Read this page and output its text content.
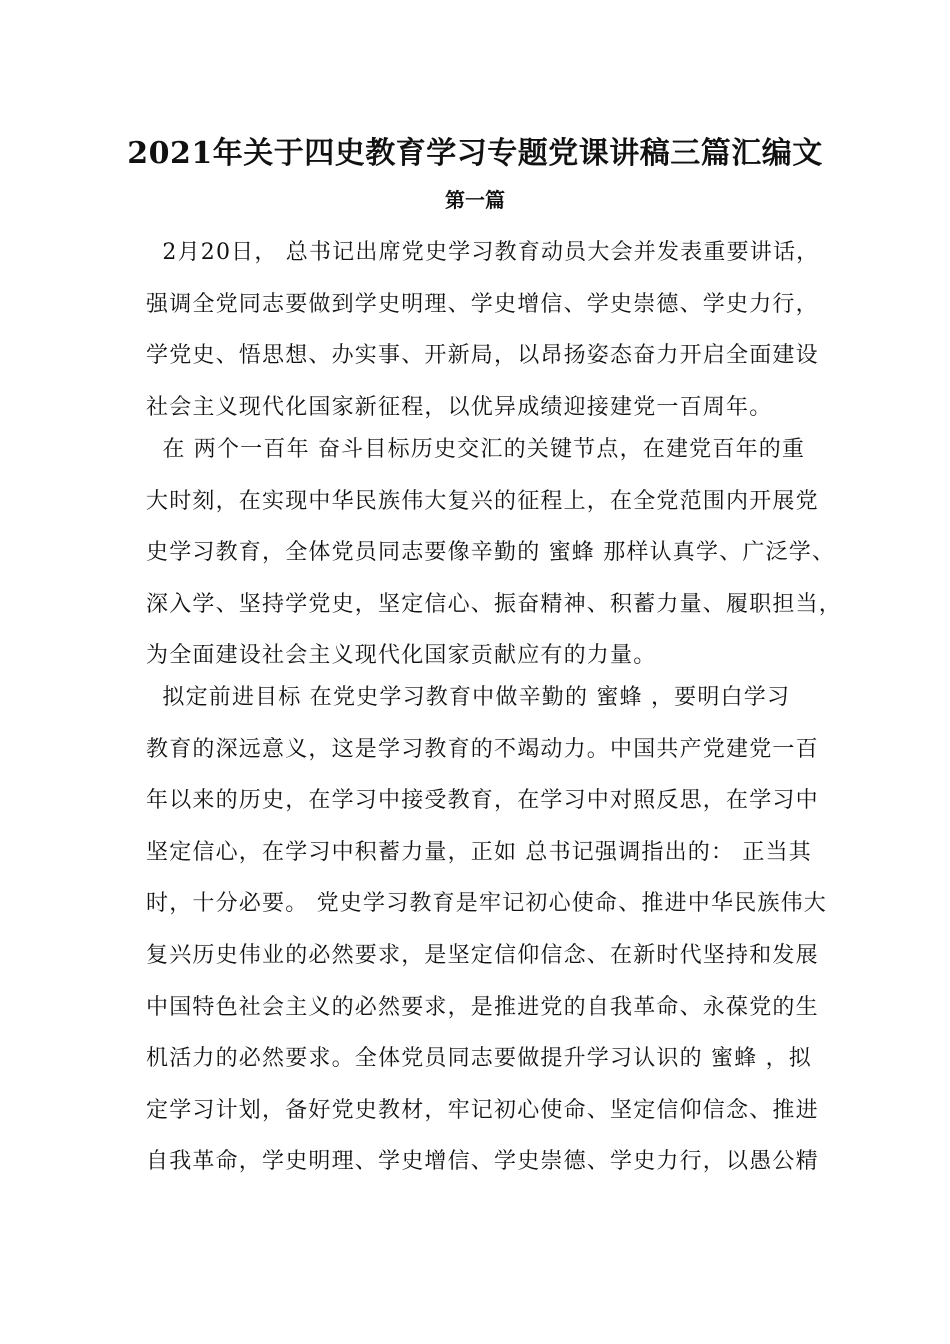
2021年关于四史教育学习专题党课讲稿三篇汇编文
第一篇
2月20日， 总书记出席党史学习教育动员大会并发表重要讲话，
强调全党同志要做到学史明理、学史增信、学史崇德、学史力行，
学党史、悟思想、办实事、开新局，以昂扬姿态奋力开启全面建设
社会主义现代化国家新征程，以优异成绩迎接建党一百周年。
在 两个一百年 奋斗目标历史交汇的关键节点，在建党百年的重
大时刻，在实现中华民族伟大复兴的征程上，在全党范围内开展党
史学习教育，全体党员同志要像辛勤的 蜜蜂 那样认真学、广泛学、
深入学、坚持学党史，坚定信心、振奋精神、积蓄力量、履职担当，
为全面建设社会主义现代化国家贡献应有的力量。
拟定前进目标 在党史学习教育中做辛勤的 蜜蜂 ，要明白学习
教育的深远意义，这是学习教育的不竭动力。中国共产党建党一百
年以来的历史，在学习中接受教育，在学习中对照反思，在学习中
坚定信心，在学习中积蓄力量，正如 总书记强调指出的： 正当其
时，十分必要。 党史学习教育是牢记初心使命、推进中华民族伟大
复兴历史伟业的必然要求，是坚定信仰信念、在新时代坚持和发展
中国特色社会主义的必然要求，是推进党的自我革命、永葆党的生
机活力的必然要求。全体党员同志要做提升学习认识的 蜜蜂 ，拟
定学习计划，备好党史教材，牢记初心使命、坚定信仰信念、推进
自我革命，学史明理、学史增信、学史崇德、学史力行，以愚公精
